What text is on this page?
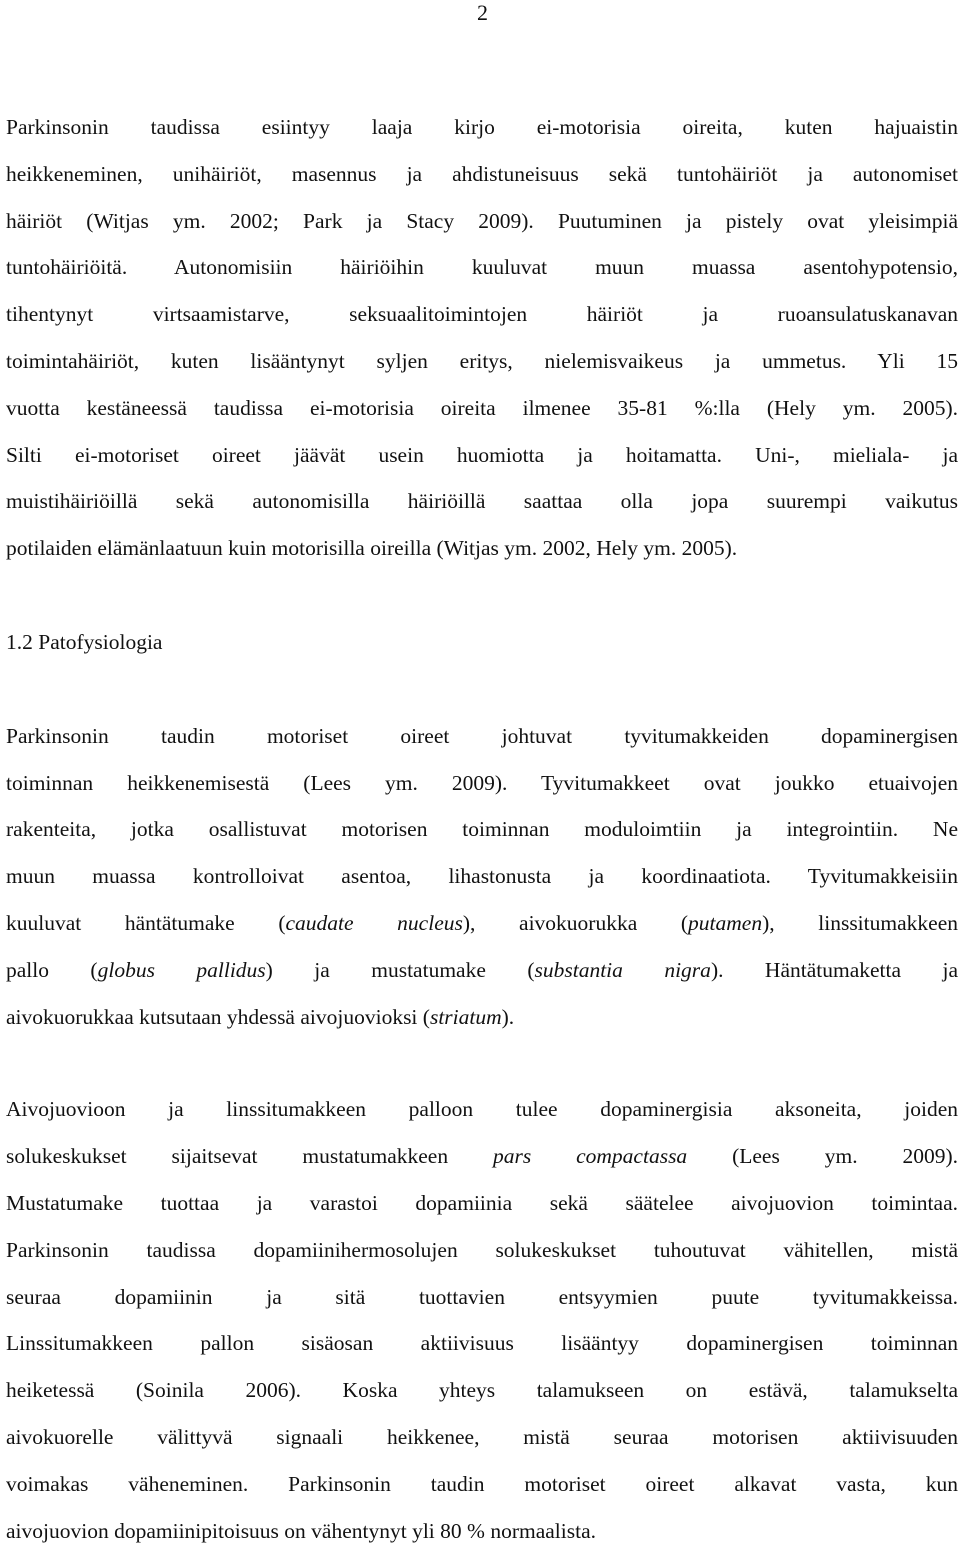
2

Parkinsonin taudissa esiintyy laaja kirjo ei-motorisia oireita, kuten hajuaistin
heikkeneminen, unihäiriöt, masennus ja ahdistuneisuus sekä tuntohäiriöt ja autonomiset
häiriöt (Witjas ym. 2002; Park ja Stacy 2009). Puutuminen ja pistely ovat yleisimpiä
tuntohäiriöitä. Autonomisiin häiriöihin kuuluvat muun muassa asentohypotensio,
tihentynyt virtsaamistarve, seksuaalitoimintojen häiriöt ja ruoansulatuskanavan
toimintahäiriöt, kuten lisääntynyt syljen eritys, nielemisvaikeus ja ummetus. Yli 15
vuotta kestäneessä taudissa ei-motorisia oireita ilmenee 35-81 %:lla (Hely ym. 2005).
Silti ei-motoriset oireet jäävät usein huomiotta ja hoitamatta. Uni-, mieliala- ja
muistihäiriöillä sekä autonomisilla häiriöillä saattaa olla jopa suurempi vaikutus
potilaiden elämänlaatuun kuin motorisilla oireilla (Witjas ym. 2002, Hely ym. 2005).

1.2 Patofysiologia

Parkinsonin taudin motoriset oireet johtuvat tyvitumakkeiden dopaminergisen
toiminnan heikkenemisestä (Lees ym. 2009). Tyvitumakkeet ovat joukko etuaivojen
rakenteita, jotka osallistuvat motorisen toiminnan moduloimtiin ja integrointiin. Ne
muun muassa kontrolloivat asentoa, lihastonusta ja koordinaatiota. Tyvitumakkeisiin
kuuluvat häntätumake (caudate nucleus), aivokuorukka (putamen), linssitumakkeen
pallo (globus pallidus) ja mustatumake (substantia nigra). Häntätumaketta ja
aivokuorukkaa kutsutaan yhdessä aivojuovioksi (striatum).

Aivojuovioon ja linssitumakkeen palloon tulee dopaminergisia aksoneita, joiden
solukeskukset sijaitsevat mustatumakkeen pars compactassa (Lees ym. 2009).
Mustatumake tuottaa ja varastoi dopamiinia sekä säätelee aivojuovion toimintaa.
Parkinsonin taudissa dopamiinihermosolujen solukeskukset tuhoutuvat vähitellen, mistä
seuraa dopamiinin ja sitä tuottavien entsyymien puute tyvitumakkeissa.
Linssitumakkeen pallon sisäosan aktiivisuus lisääntyy dopaminergisen toiminnan
heiketessä (Soinila 2006). Koska yhteys talamukseen on estävä, talamukselta
aivokuorelle välittyvä signaali heikkenee, mistä seuraa motorisen aktiivisuuden
voimakas väheneminen. Parkinsonin taudin motoriset oireet alkavat vasta, kun
aivojuovion dopamiinipitoisuus on vähentynyt yli 80 % normaalista.
